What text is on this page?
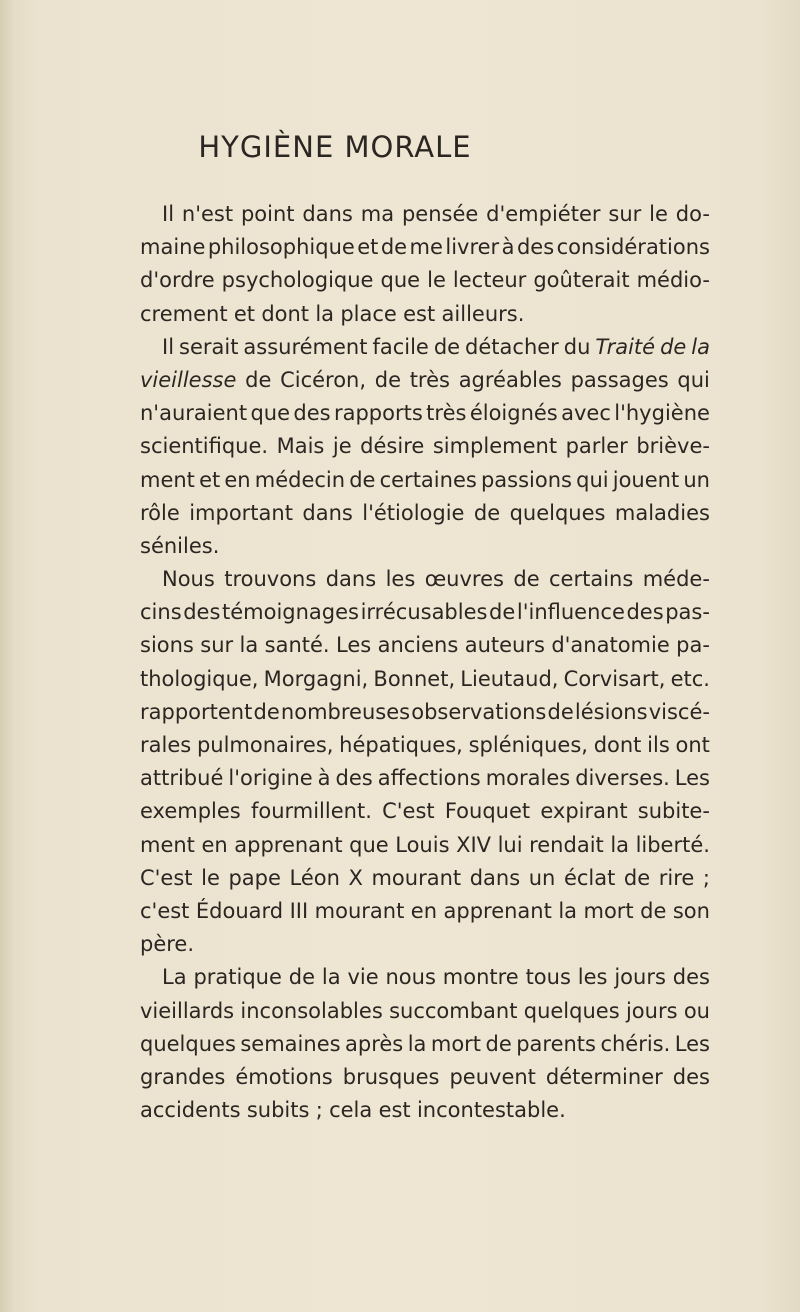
HYGIÈNE MORALE
Il n'est point dans ma pensée d'empiéter sur le do-
maine philosophique et de me livrer à des considérations
d'ordre psychologique que le lecteur goûterait médio-
crement et dont la place est ailleurs.
Il serait assurément facile de détacher du Traité de la
vieillesse de Cicéron, de très agréables passages qui
n'auraient que des rapports très éloignés avec l'hygiène
scientifique. Mais je désire simplement parler briève-
ment et en médecin de certaines passions qui jouent un
rôle important dans l'étiologie de quelques maladies
séniles.
Nous trouvons dans les œuvres de certains méde-
cins des témoignages irrécusables de l'influence des pas-
sions sur la santé. Les anciens auteurs d'anatomie pa-
thologique, Morgagni, Bonnet, Lieutaud, Corvisart, etc.
rapportent de nombreuses observations de lésions viscé-
rales pulmonaires, hépatiques, spléniques, dont ils ont
attribué l'origine à des affections morales diverses. Les
exemples fourmillent. C'est Fouquet expirant subite-
ment en apprenant que Louis XIV lui rendait la liberté.
C'est le pape Léon X mourant dans un éclat de rire ;
c'est Édouard III mourant en apprenant la mort de son
père.
La pratique de la vie nous montre tous les jours des
vieillards inconsolables succombant quelques jours ou
quelques semaines après la mort de parents chéris. Les
grandes émotions brusques peuvent déterminer des
accidents subits ; cela est incontestable.
